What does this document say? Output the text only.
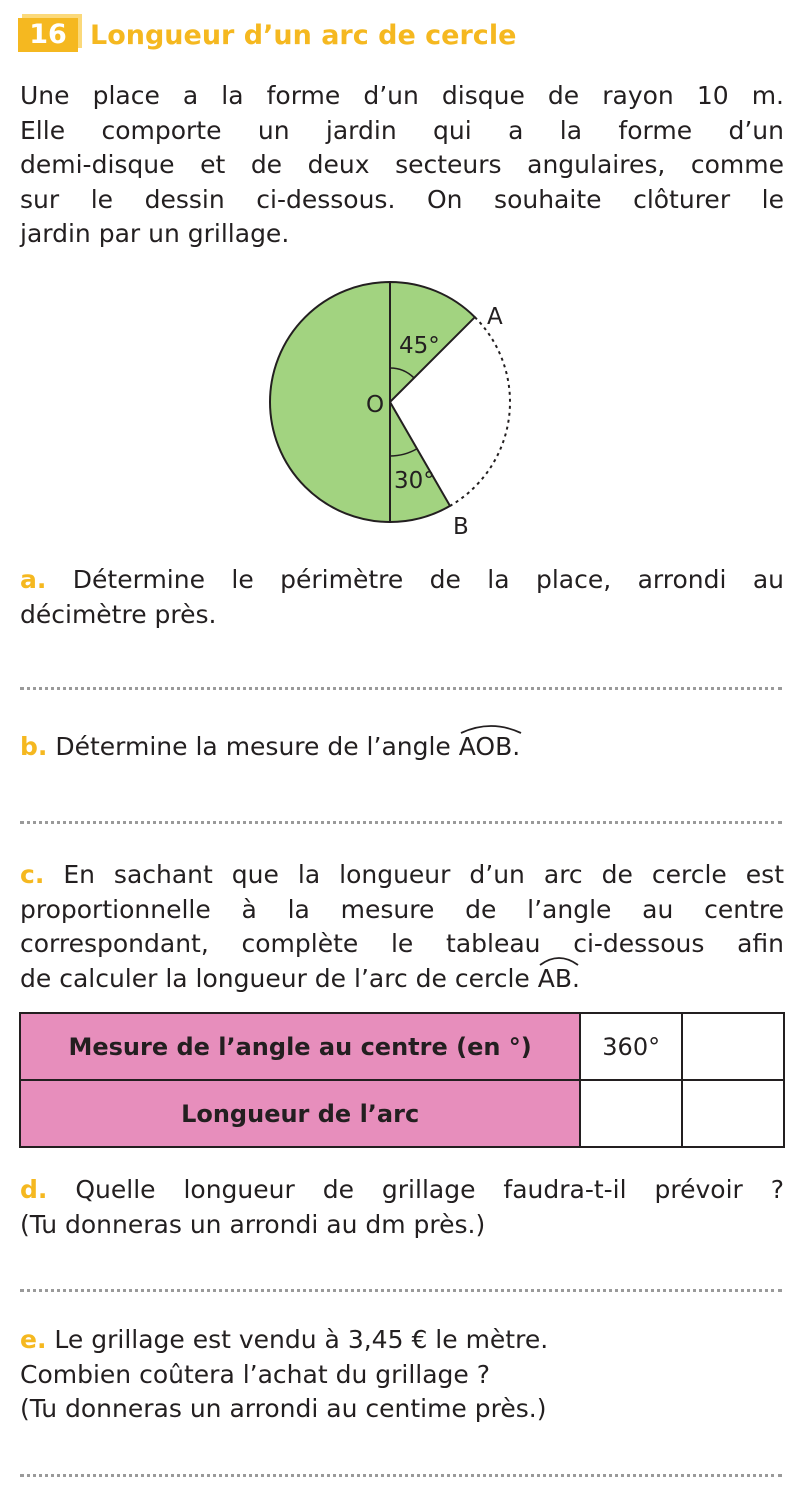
16 Longueur d’un arc de cercle
Une place a la forme d’un disque de rayon 10 m.
Elle comporte un jardin qui a la forme d’un
demi-disque et de deux secteurs angulaires, comme
sur le dessin ci-dessous. On souhaite clôturer le
jardin par un grillage.
45°
30°
O
A
B
a. Détermine le périmètre de la place, arrondi au
décimètre près.
b. Détermine la mesure de l’angle AOB.
c. En sachant que la longueur d’un arc de cercle est
proportionnelle à la mesure de l’angle au centre
correspondant, complète le tableau ci-dessous afin
de calculer la longueur de l’arc de cercle AB.
Mesure de l’angle au centre (en °)	360°	
Longueur de l’arc		
d. Quelle longueur de grillage faudra-t-il prévoir ?
(Tu donneras un arrondi au dm près.)
e. Le grillage est vendu à 3,45 € le mètre.
Combien coûtera l’achat du grillage ?
(Tu donneras un arrondi au centime près.)
